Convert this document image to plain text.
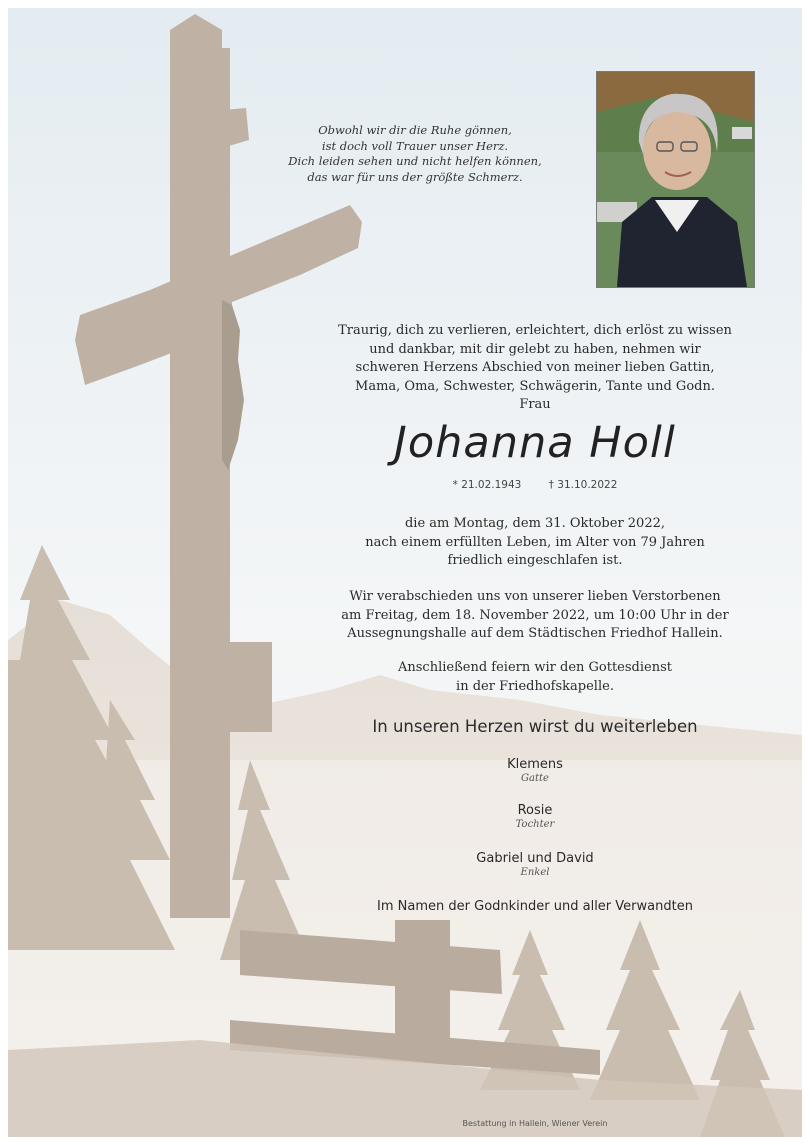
Obwohl wir dir die Ruhe gönnen,
ist doch voll Trauer unser Herz.
Dich leiden sehen und nicht helfen können,
das war für uns der größte Schmerz.
Traurig, dich zu verlieren, erleichtert, dich erlöst zu wissen
und dankbar, mit dir gelebt zu haben, nehmen wir
schweren Herzens Abschied von meiner lieben Gattin,
Mama, Oma, Schwester, Schwägerin, Tante und Godn.
Frau
Johanna Holl
* 21.02.1943	† 31.10.2022
die am Montag, dem 31. Oktober 2022,
nach einem erfüllten Leben, im Alter von 79 Jahren
friedlich eingeschlafen ist.
Wir verabschieden uns von unserer lieben Verstorbenen
am Freitag, dem 18. November 2022, um 10:00 Uhr in der
Aussegnungshalle auf dem Städtischen Friedhof Hallein.
Anschließend feiern wir den Gottesdienst
in der Friedhofskapelle.
In unseren Herzen wirst du weiterleben
Klemens
Gatte
Rosie
Tochter
Gabriel und David
Enkel
Im Namen der Godnkinder und aller Verwandten
Bestattung in Hallein, Wiener Verein
